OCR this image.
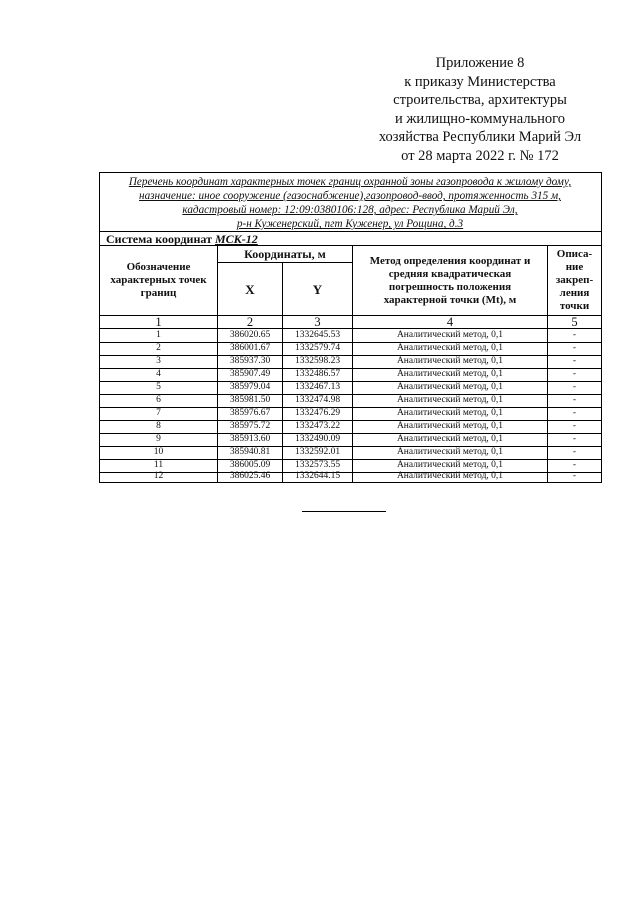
Приложение 8
к приказу Министерства
строительства, архитектуры
и жилищно-коммунального
хозяйства Республики Марий Эл
от 28 марта 2022 г. № 172
Перечень координат характерных точек границ охранной зоны газопровода к жилому дому,
назначение: иное сооружение (газоснабжение),газопровод-ввод, протяженность 315 м,
кадастровый номер: 12:09:0380106:128, адрес: Республика Марий Эл,
р-н Куженерский, пгт Куженер, ул Рощина, д.3
Система координат МСК-12
Обозначение характерных точек границ
Координаты, м
X	Y
Метод определения координат и средняя квадратическая погрешность положения характерной точки (Mt), м
Описа-ние закреп-ления точки
1	2	3	4	5
1	386020.65	1332645.53	Аналитический метод, 0,1	-
2	386001.67	1332579.74	Аналитический метод, 0,1	-
3	385937.30	1332598.23	Аналитический метод, 0,1	-
4	385907.49	1332486.57	Аналитический метод, 0,1	-
5	385979.04	1332467.13	Аналитический метод, 0,1	-
6	385981.50	1332474.98	Аналитический метод, 0,1	-
7	385976.67	1332476.29	Аналитический метод, 0,1	-
8	385975.72	1332473.22	Аналитический метод, 0,1	-
9	385913.60	1332490.09	Аналитический метод, 0,1	-
10	385940.81	1332592.01	Аналитический метод, 0,1	-
11	386005.09	1332573.55	Аналитический метод, 0,1	-
12	386025.46	1332644.15	Аналитический метод, 0,1	-
